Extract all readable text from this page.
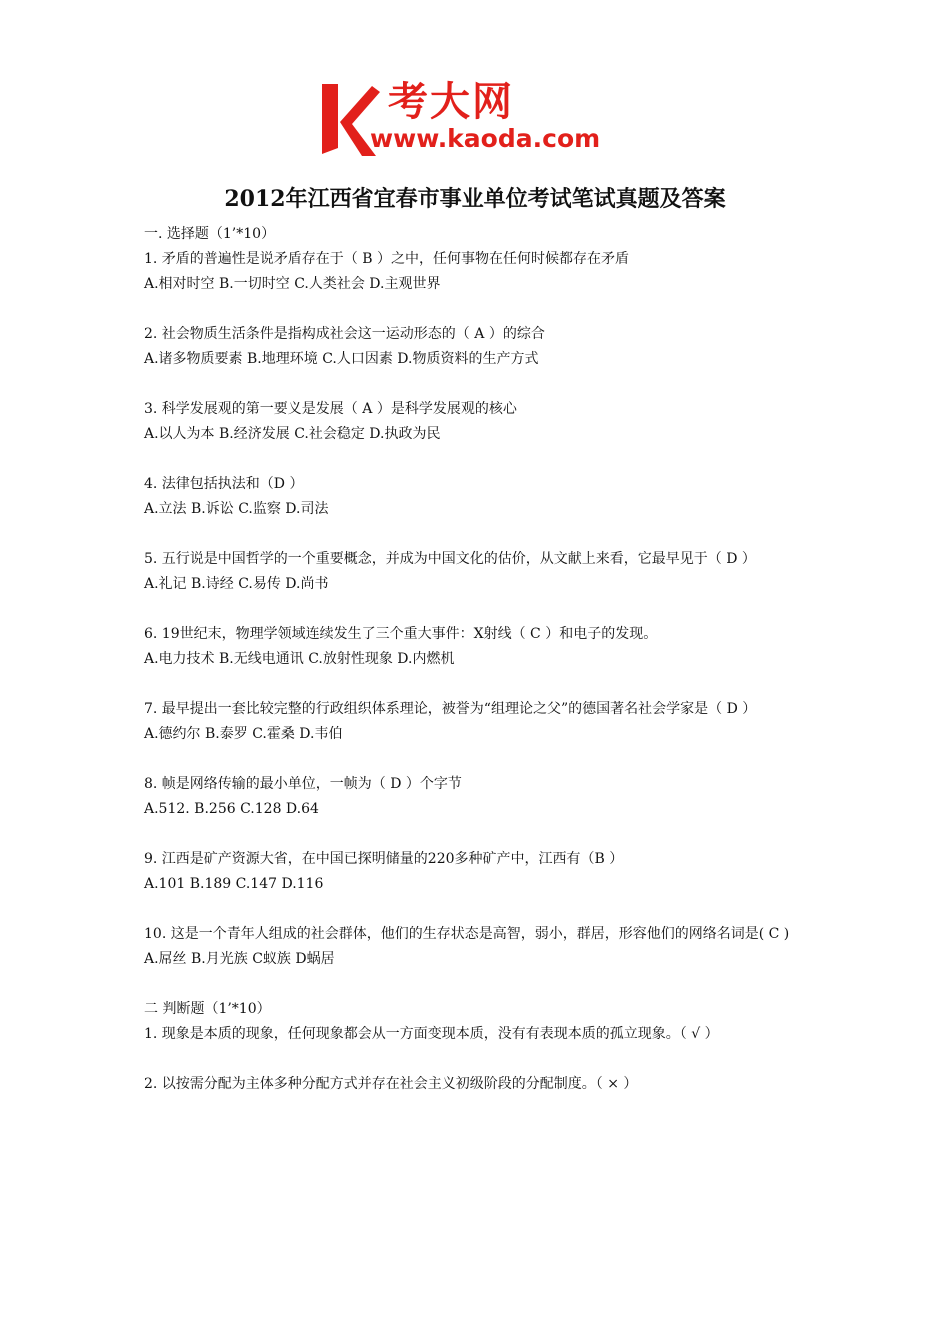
考大网
www.kaoda.com
2012年江西省宜春市事业单位考试笔试真题及答案

一. 选择题（1’*10）

1. 矛盾的普遍性是说矛盾存在于（ B ）之中，任何事物在任何时候都存在矛盾

A.相对时空 B.一切时空 C.人类社会 D.主观世界

2. 社会物质生活条件是指构成社会这一运动形态的（ A ）的综合

A.诸多物质要素 B.地理环境 C.人口因素 D.物质资料的生产方式

3. 科学发展观的第一要义是发展（ A ）是科学发展观的核心

A.以人为本 B.经济发展 C.社会稳定 D.执政为民

4. 法律包括执法和（D ）

A.立法 B.诉讼 C.监察 D.司法

5. 五行说是中国哲学的一个重要概念，并成为中国文化的估价，从文献上来看，它最早见于（ D ）

A.礼记 B.诗经 C.易传 D.尚书

6. 19世纪末，物理学领域连续发生了三个重大事件：X射线（ C ）和电子的发现。

A.电力技术 B.无线电通讯 C.放射性现象 D.内燃机

7. 最早提出一套比较完整的行政组织体系理论，被誉为“组理论之父”的德国著名社会学家是（ D ）

A.德约尔 B.泰罗 C.霍桑 D.韦伯

8. 帧是网络传输的最小单位，一帧为（ D ）个字节

A.512. B.256 C.128 D.64

9. 江西是矿产资源大省，在中国已探明储量的220多种矿产中，江西有（B ）

A.101 B.189 C.147 D.116

10. 这是一个青年人组成的社会群体，他们的生存状态是高智，弱小，群居，形容他们的网络名词是( C )

A.屌丝 B.月光族 C蚁族 D蜗居

二 判断题（1’*10）

1. 现象是本质的现象，任何现象都会从一方面变现本质，没有有表现本质的孤立现象。（ √ ）

2. 以按需分配为主体多种分配方式并存在社会主义初级阶段的分配制度。（ × ）
